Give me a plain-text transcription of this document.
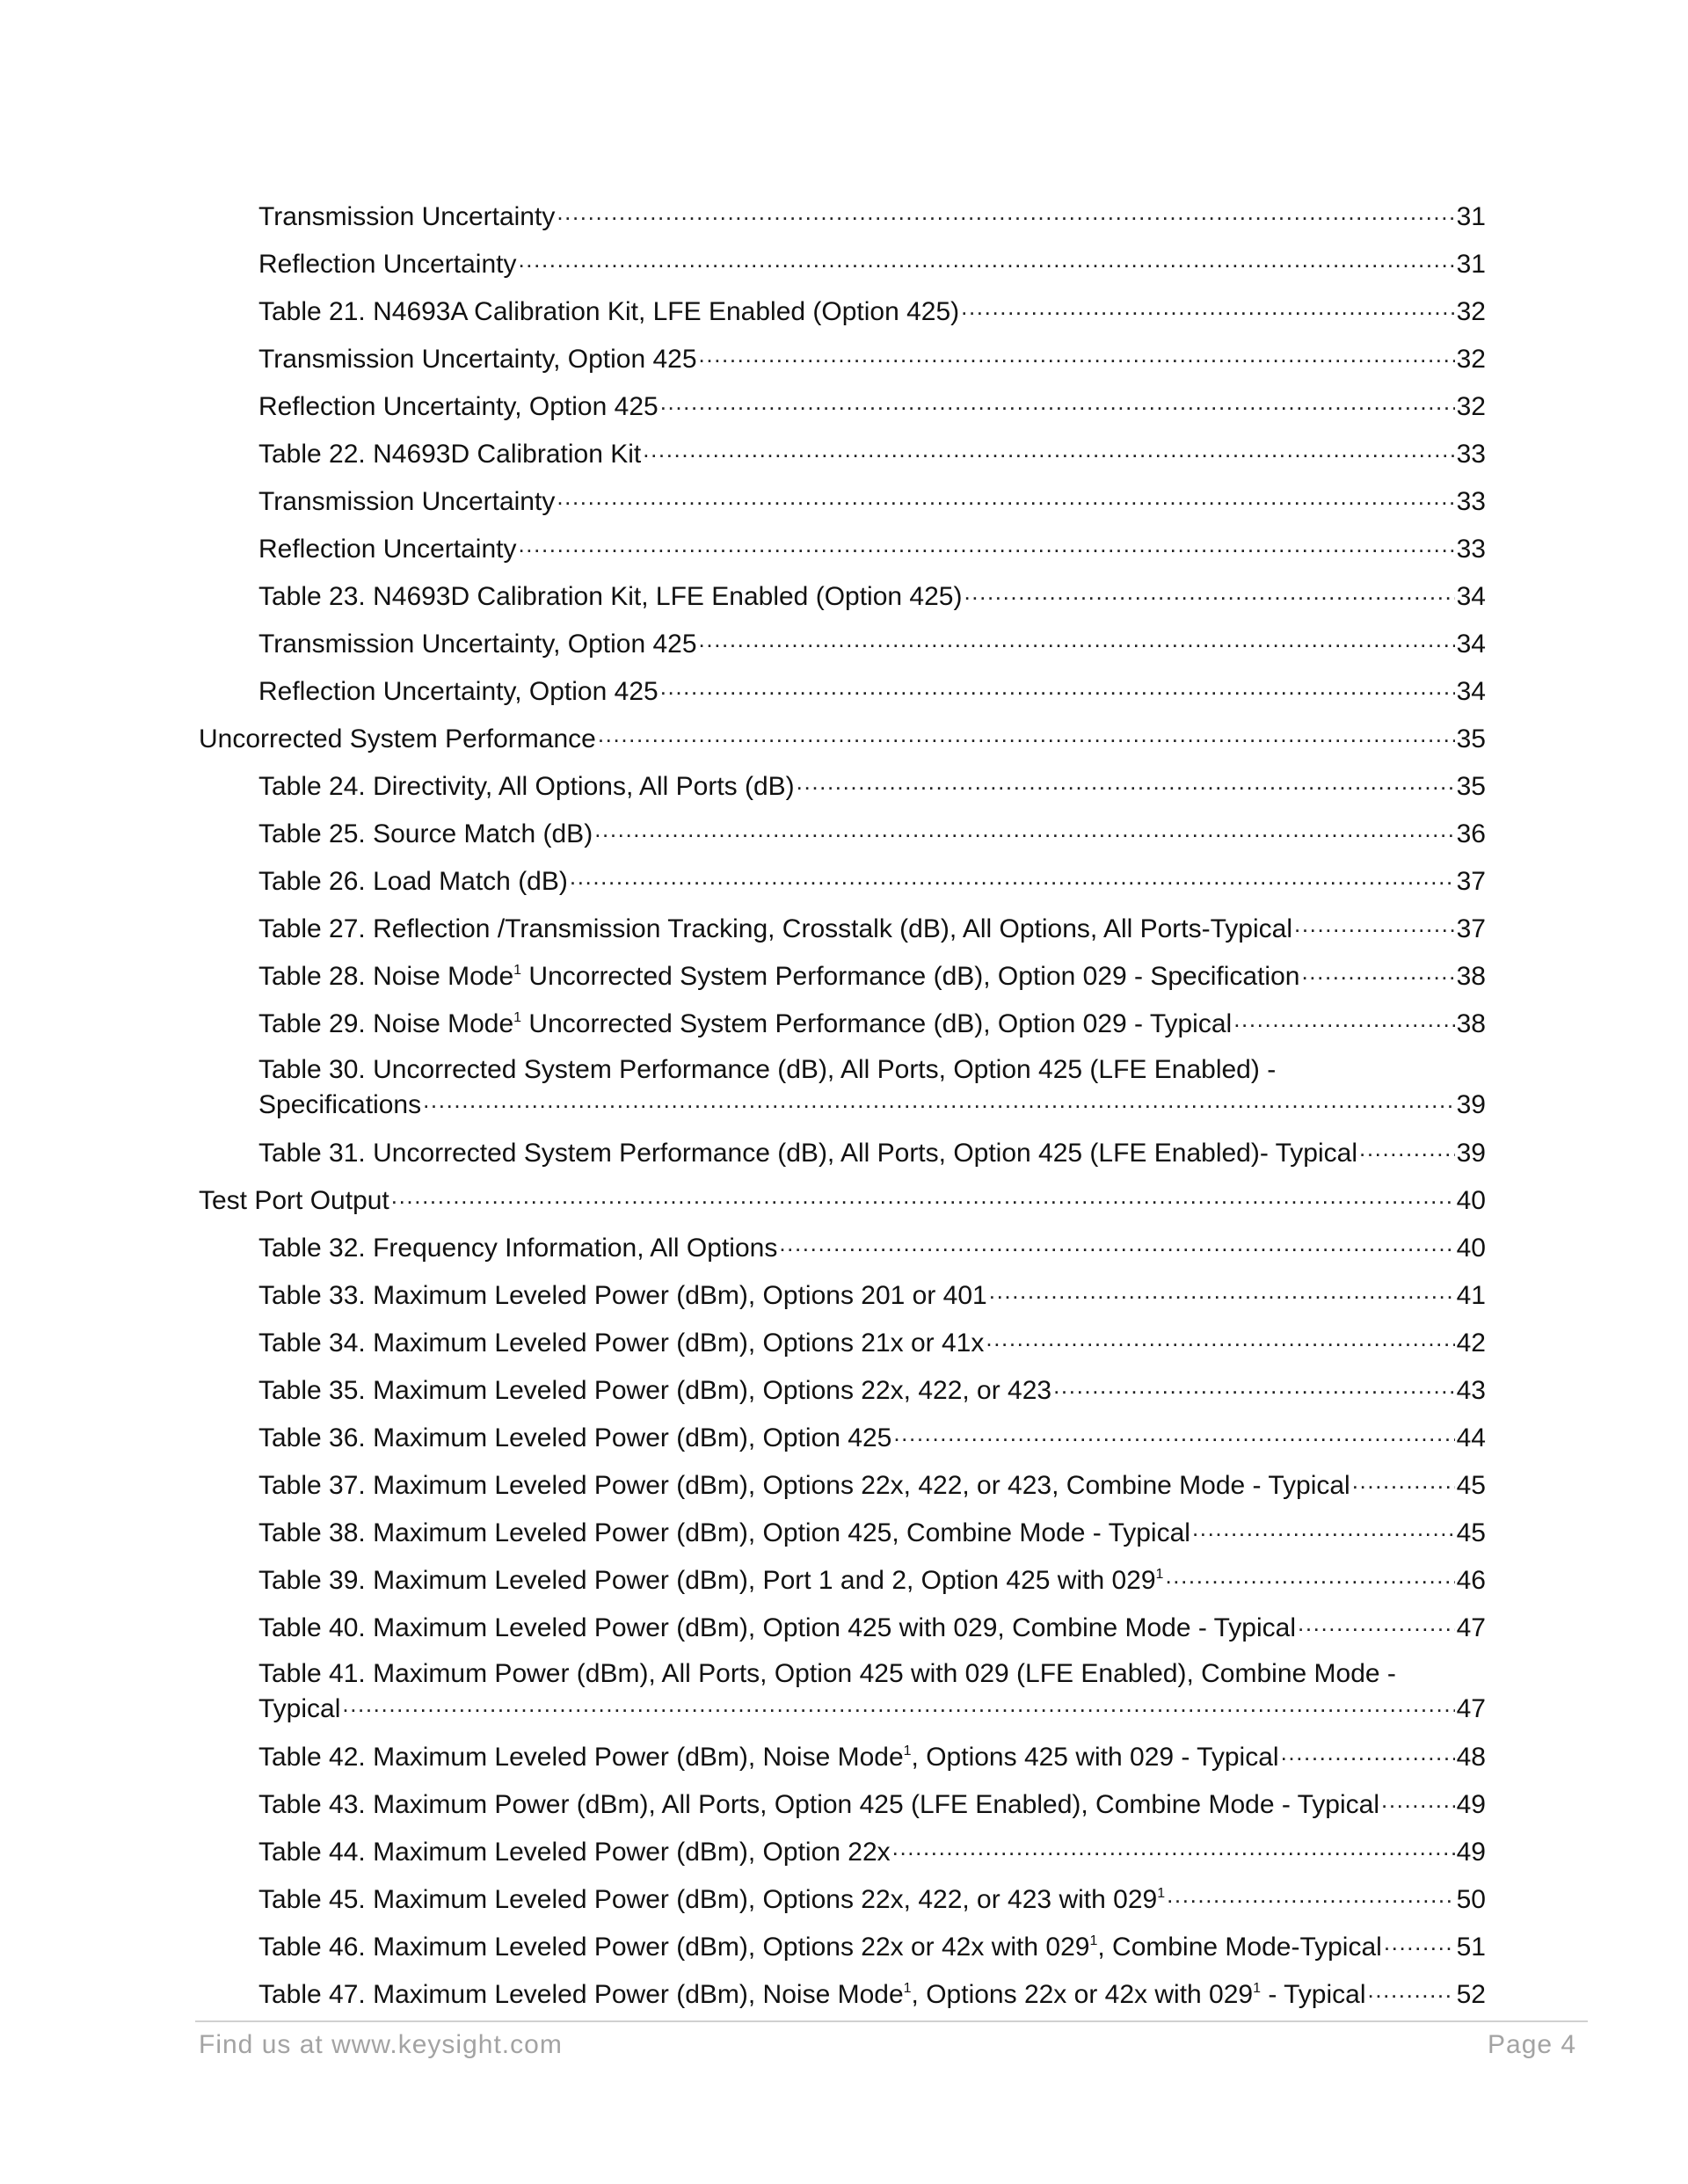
Transmission Uncertainty .....	31
Reflection Uncertainty .....	31
Table 21. N4693A Calibration Kit, LFE Enabled (Option 425) .....	32
Transmission Uncertainty, Option 425 .....	32
Reflection Uncertainty, Option 425 .....	32
Table 22. N4693D Calibration Kit .....	33
Transmission Uncertainty .....	33
Reflection Uncertainty .....	33
Table 23. N4693D Calibration Kit, LFE Enabled (Option 425) .....	34
Transmission Uncertainty, Option 425 .....	34
Reflection Uncertainty, Option 425 .....	34
Uncorrected System Performance .....	35
Table 24. Directivity, All Options, All Ports (dB) .....	35
Table 25. Source Match (dB) .....	36
Table 26. Load Match (dB) .....	37
Table 27. Reflection /Transmission Tracking, Crosstalk (dB), All Options, All Ports-Typical .....	37
Table 28. Noise Mode$^1$ Uncorrected System Performance (dB), Option 029 - Specification .....	38
Table 29. Noise Mode$^1$ Uncorrected System Performance (dB), Option 029 - Typical .....	38
Table 30. Uncorrected System Performance (dB), All Ports, Option 425 (LFE Enabled) -
Specifications .....	39
Table 31. Uncorrected System Performance (dB), All Ports, Option 425 (LFE Enabled)- Typical .....	39
Test Port Output .....	40
Table 32. Frequency Information, All Options .....	40
Table 33. Maximum Leveled Power (dBm), Options 201 or 401 .....	41
Table 34. Maximum Leveled Power (dBm), Options 21x or 41x .....	42
Table 35. Maximum Leveled Power (dBm), Options 22x, 422, or 423 .....	43
Table 36. Maximum Leveled Power (dBm), Option 425 .....	44
Table 37. Maximum Leveled Power (dBm), Options 22x, 422, or 423, Combine Mode - Typical .....	45
Table 38. Maximum Leveled Power (dBm), Option 425, Combine Mode - Typical .....	45
Table 39. Maximum Leveled Power (dBm), Port 1 and 2, Option 425 with $029^1$ .....	46
Table 40. Maximum Leveled Power (dBm), Option 425 with 029, Combine Mode - Typical .....	47
Table 41. Maximum Power (dBm), All Ports, Option 425 with 029 (LFE Enabled), Combine Mode -
Typical .....	47
Table 42. Maximum Leveled Power (dBm), Noise Mode$^1$, Options 425 with 029 - Typical .....	48
Table 43. Maximum Power (dBm), All Ports, Option 425 (LFE Enabled), Combine Mode - Typical .....	49
Table 44. Maximum Leveled Power (dBm), Option 22x .....	49
Table 45. Maximum Leveled Power (dBm), Options 22x, 422, or 423 with $029^1$ .....	50
Table 46. Maximum Leveled Power (dBm), Options 22x or 42x with $029^1$, Combine Mode-Typical .....	51
Table 47. Maximum Leveled Power (dBm), Noise Mode$^1$, Options 22x or 42x with $029^1$ - Typical .....	52
Find us at www.keysight.com	Page 4
